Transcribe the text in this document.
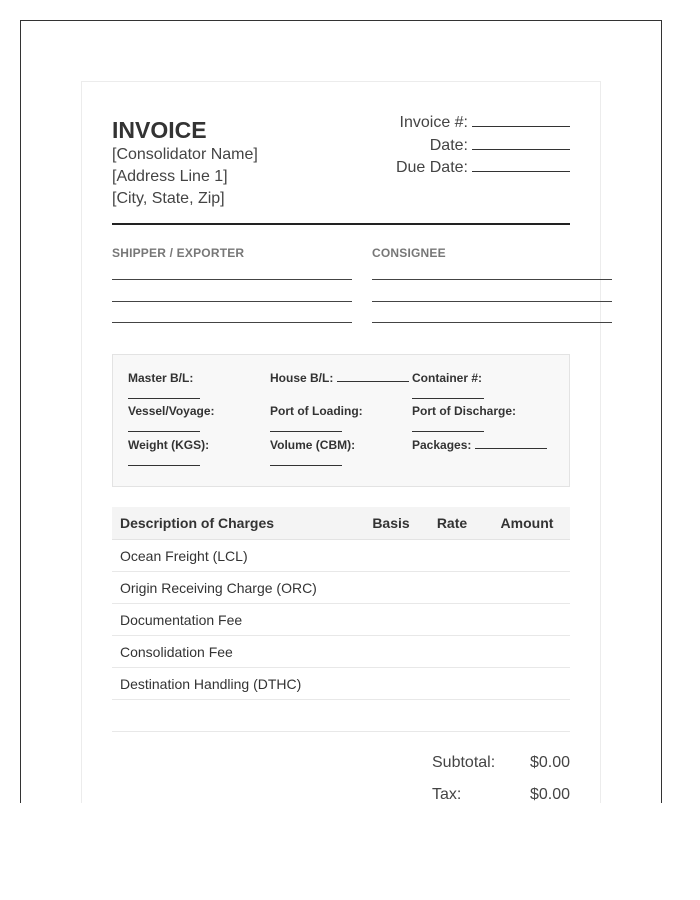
INVOICE
[Consolidator Name]
[Address Line 1]
[City, State, Zip]
Invoice #:
Date:
Due Date:
SHIPPER / EXPORTER	CONSIGNEE
Master B/L:	House B/L:	Container #:
Vessel/Voyage:	Port of Loading:	Port of Discharge:
Weight (KGS):	Volume (CBM):	Packages:
Description of Charges	Basis	Rate	Amount
Ocean Freight (LCL)			
Origin Receiving Charge (ORC)			
Documentation Fee			
Consolidation Fee			
Destination Handling (DTHC)			

Subtotal: $0.00
Tax:	$0.00
